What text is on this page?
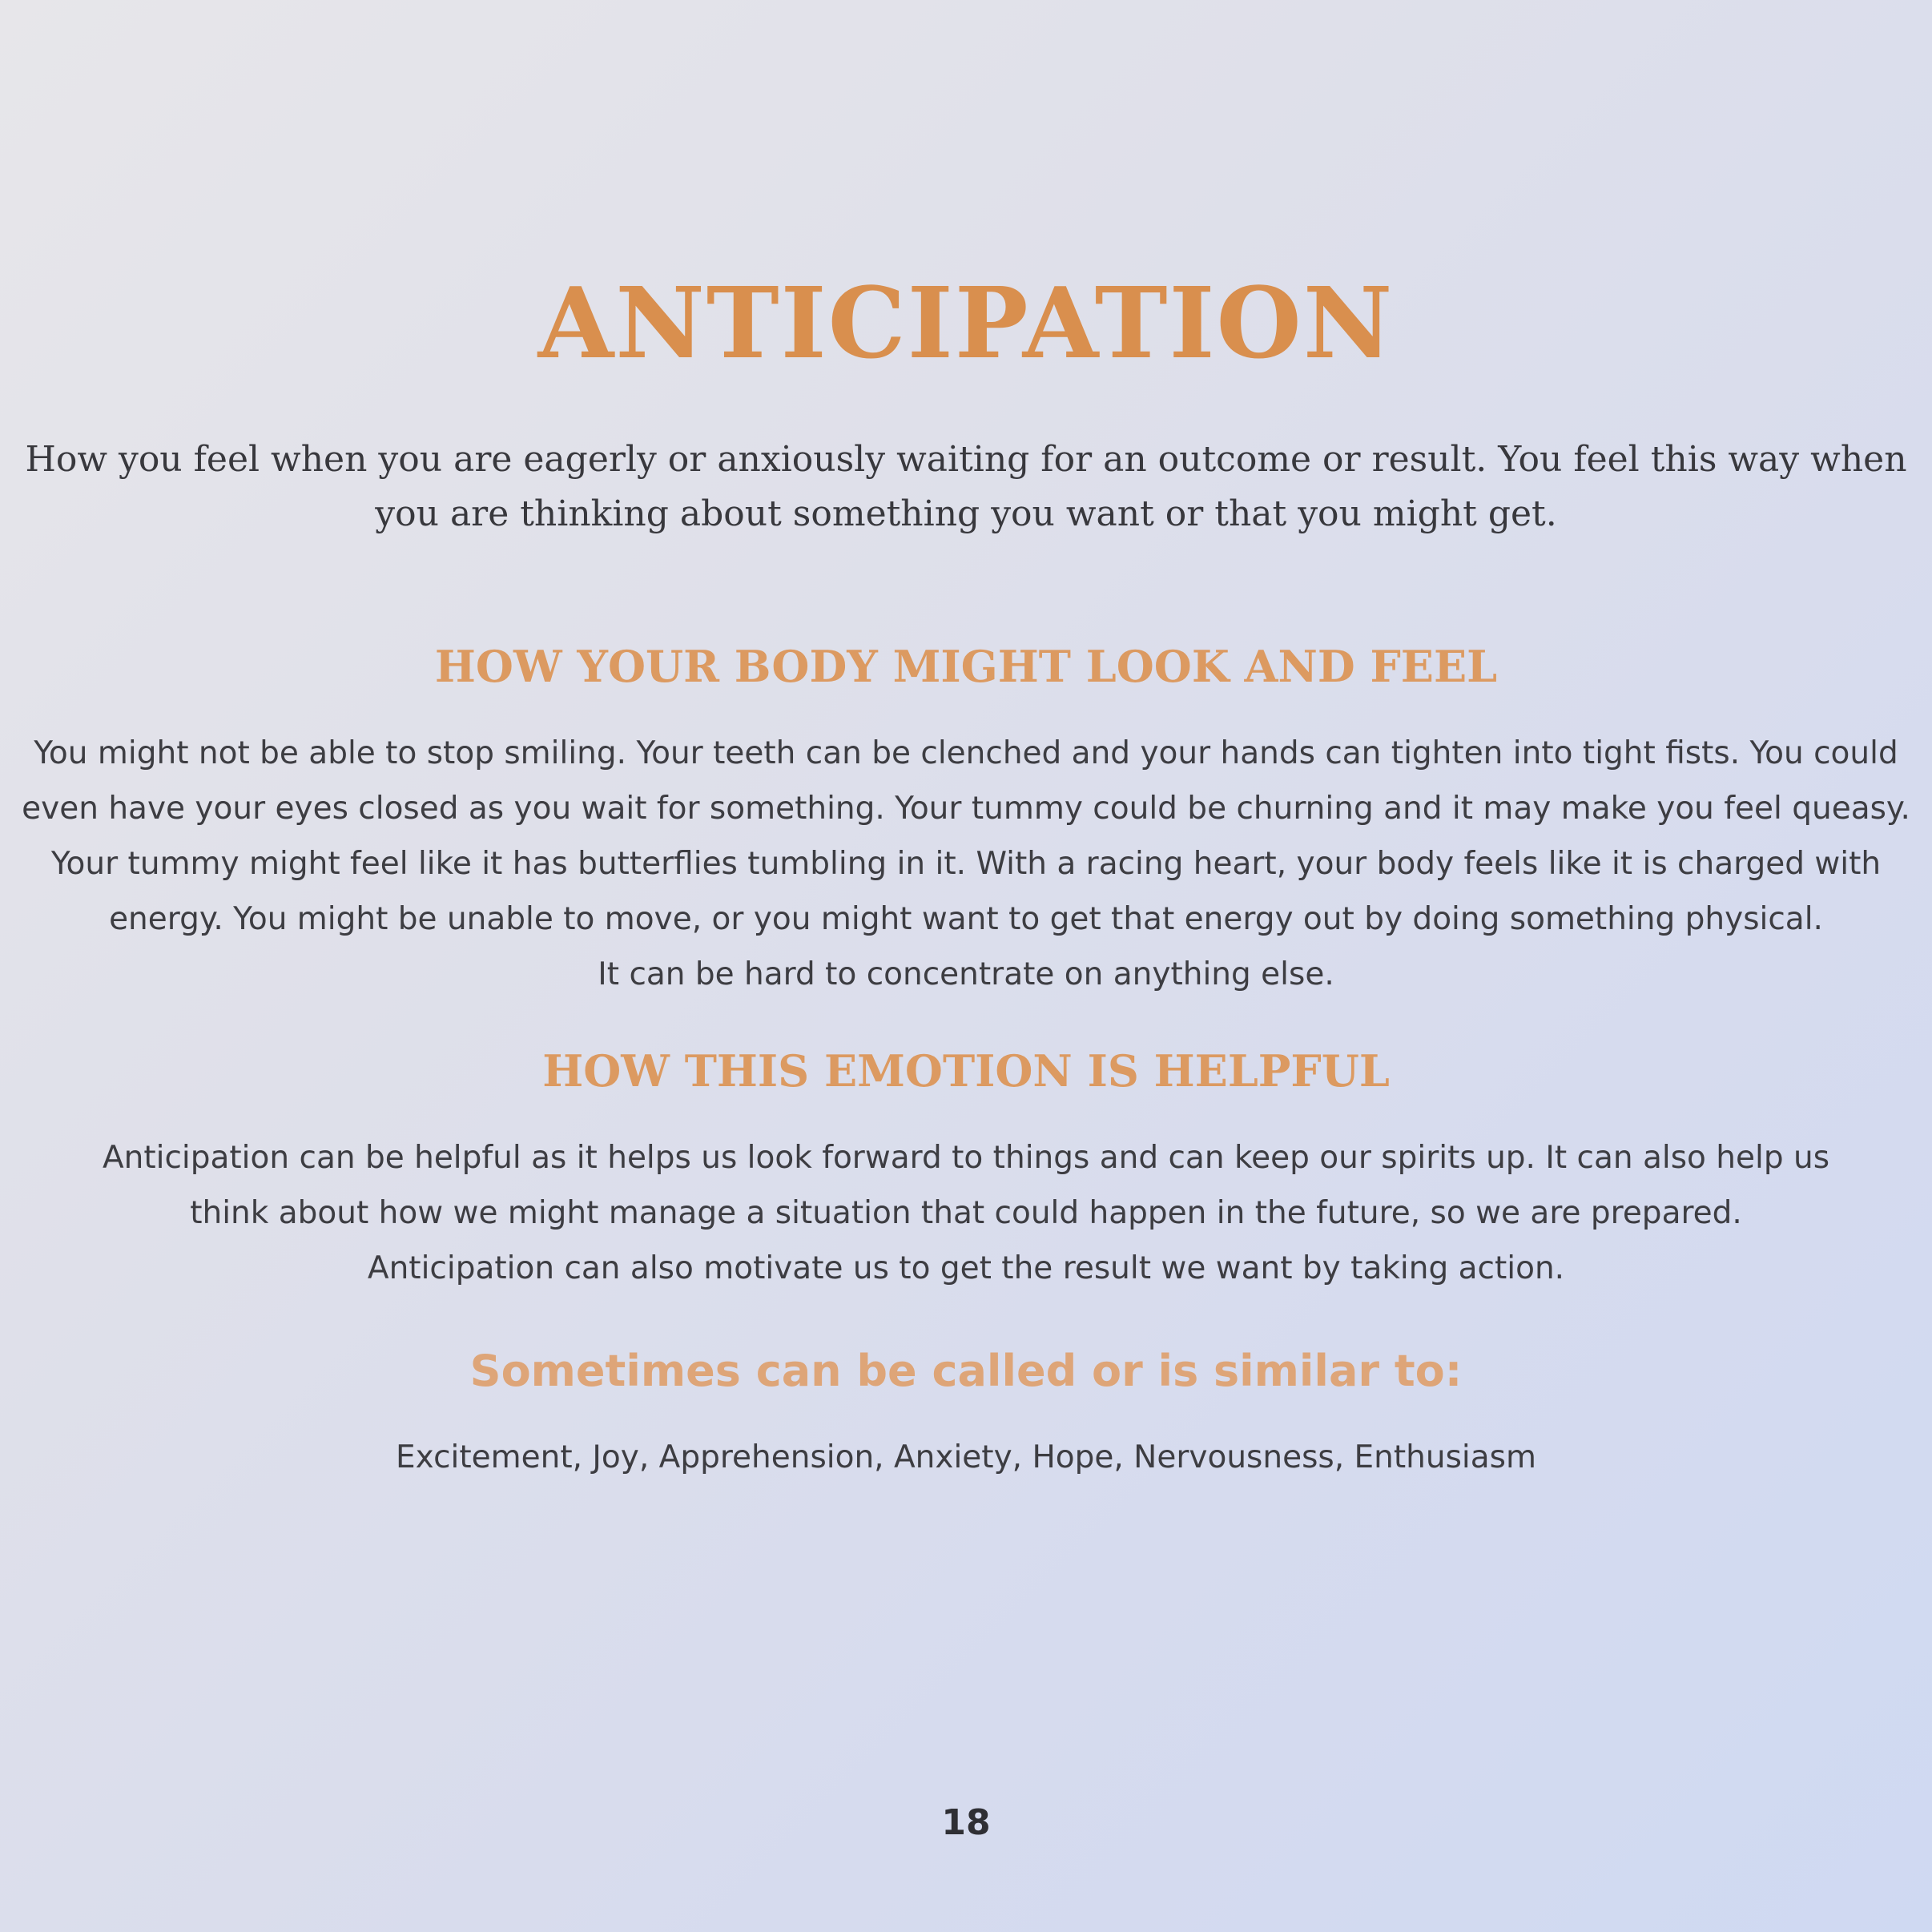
ANTICIPATION

How you feel when you are eagerly or anxiously waiting for an outcome or result. You feel this way when you are thinking about something you want or that you might get.

HOW YOUR BODY MIGHT LOOK AND FEEL

You might not be able to stop smiling. Your teeth can be clenched and your hands can tighten into tight fists. You could
even have your eyes closed as you wait for something. Your tummy could be churning and it may make you feel queasy.
Your tummy might feel like it has butterflies tumbling in it. With a racing heart, your body feels like it is charged with
energy. You might be unable to move, or you might want to get that energy out by doing something physical.
It can be hard to concentrate on anything else.

HOW THIS EMOTION IS HELPFUL

Anticipation can be helpful as it helps us look forward to things and can keep our spirits up. It can also help us
think about how we might manage a situation that could happen in the future, so we are prepared.
Anticipation can also motivate us to get the result we want by taking action.

Sometimes can be called or is similar to:

Excitement, Joy, Apprehension, Anxiety, Hope, Nervousness, Enthusiasm

18
